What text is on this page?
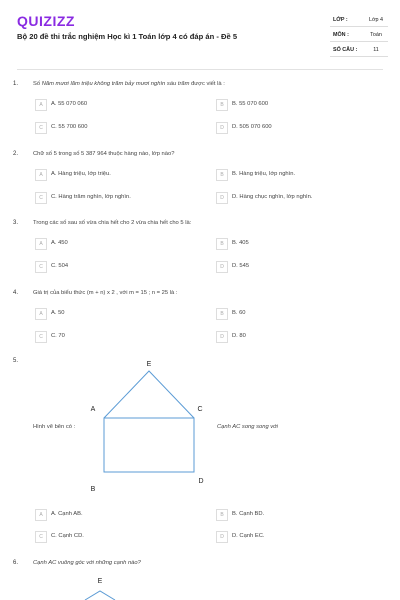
QUIZIZZ
Bộ 20 đề thi trắc nghiệm Học kì 1 Toán lớp 4 có đáp án - Đề 5
LỚP :	Lớp 4
MÔN :	Toán
SỐ CÂU :	11
1.	Số Năm mươi lăm triệu không trăm bảy mươi nghìn sáu trăm được viết là :
A	A. 55 070 060	B	B. 55 070 600
C	C. 55 700 600	D	D. 505 070 600
2.	Chữ số 5 trong số 5 387 964 thuộc hàng nào, lớp nào?
A	A. Hàng triệu, lớp triệu.	B	B. Hàng triệu, lớp nghìn.
C	C. Hàng trăm nghìn, lớp nghìn.	D	D. Hàng chục nghìn, lớp nghìn.
3.	Trong các số sau số vừa chia hết cho 2 vừa chia hết cho 5 là:
A	A. 450	B	B. 405
C	C. 504	D	D. 545
4.	Giá trị của biểu thức (m + n) x 2 , với m = 15 ; n = 25 là :
A	A. 50	B	B. 60
C	C. 70	D	D. 80
5.	E
A	C
B
D
E
Hình vẽ bên có :	Cạnh AC song song với
A	A. Cạnh AB.	B	B. Cạnh BD.
C	C. Cạnh CD.	D	D. Cạnh EC.
6.	Cạnh AC vuông góc với những cạnh nào?
